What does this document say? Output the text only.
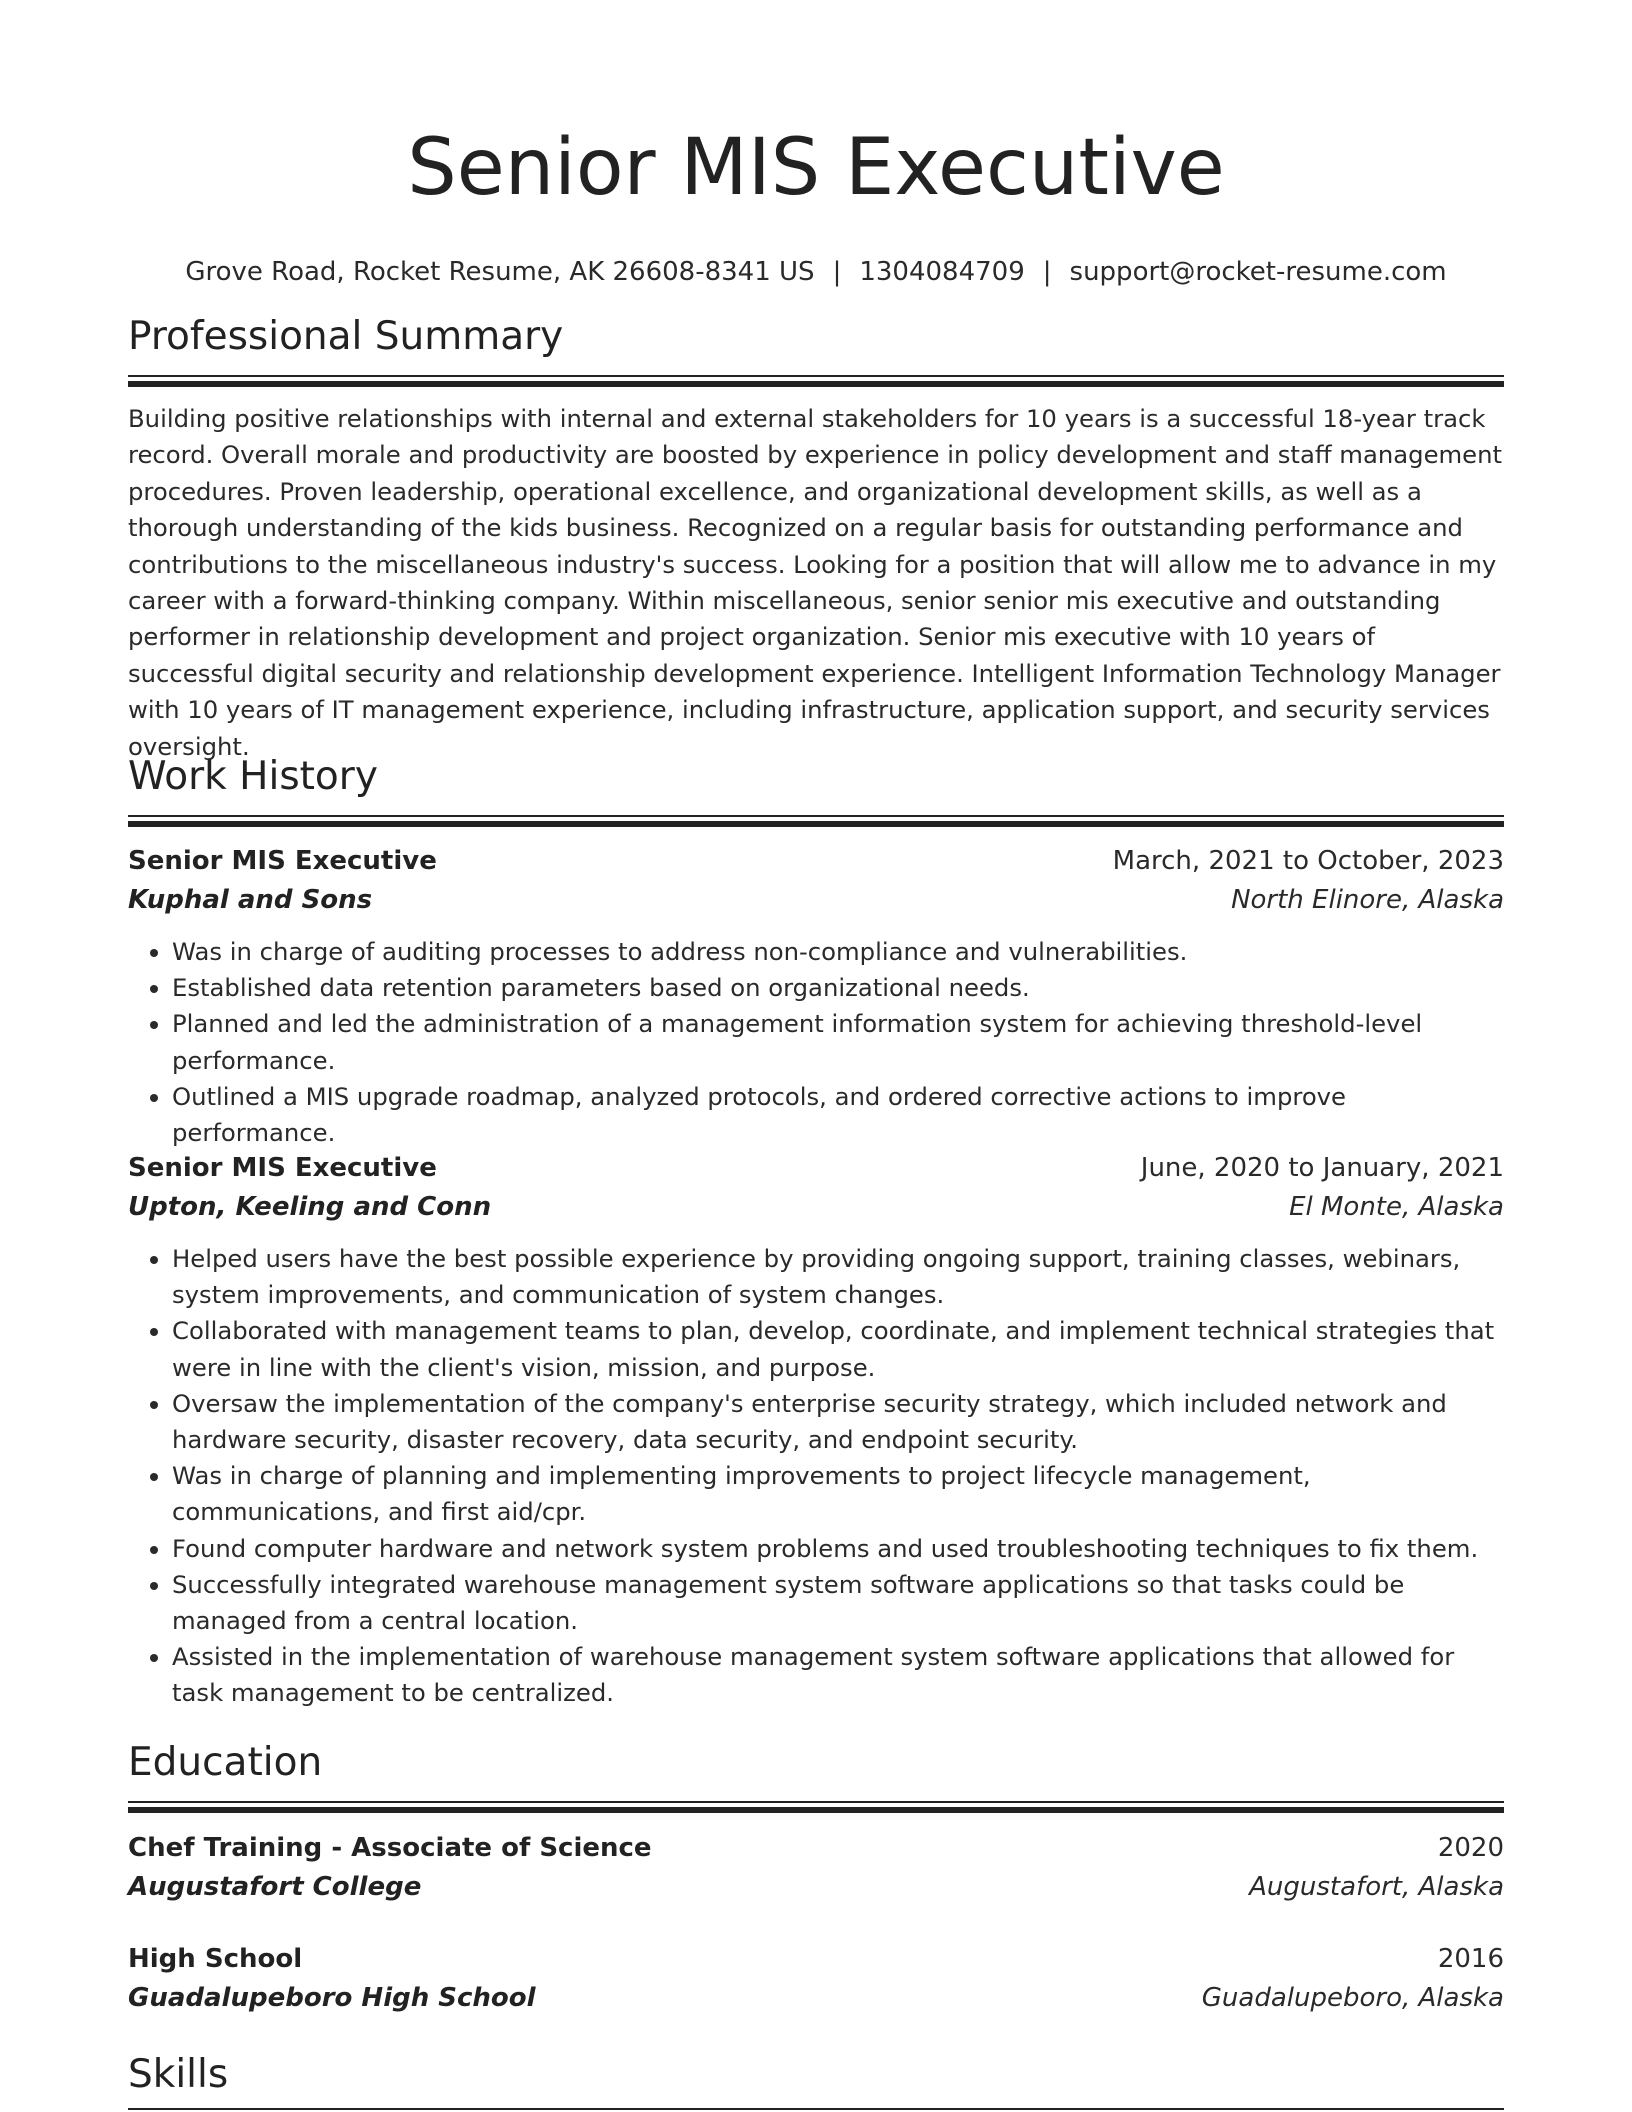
Senior MIS Executive
Grove Road, Rocket Resume, AK 26608-8341 US | 1304084709 | support@rocket-resume.com
Professional Summary
Building positive relationships with internal and external stakeholders for 10 years is a successful 18-year track record. Overall morale and productivity are boosted by experience in policy development and staff management procedures. Proven leadership, operational excellence, and organizational development skills, as well as a thorough understanding of the kids business. Recognized on a regular basis for outstanding performance and contributions to the miscellaneous industry's success. Looking for a position that will allow me to advance in my career with a forward-thinking company. Within miscellaneous, senior senior mis executive and outstanding performer in relationship development and project organization. Senior mis executive with 10 years of successful digital security and relationship development experience. Intelligent Information Technology Manager with 10 years of IT management experience, including infrastructure, application support, and security services oversight.
Work History
Senior MIS Executive	March, 2021 to October, 2023
Kuphal and Sons	North Elinore, Alaska
• Was in charge of auditing processes to address non-compliance and vulnerabilities.
• Established data retention parameters based on organizational needs.
• Planned and led the administration of a management information system for achieving threshold-level performance.
• Outlined a MIS upgrade roadmap, analyzed protocols, and ordered corrective actions to improve performance.
Senior MIS Executive	June, 2020 to January, 2021
Upton, Keeling and Conn	El Monte, Alaska
• Helped users have the best possible experience by providing ongoing support, training classes, webinars, system improvements, and communication of system changes.
• Collaborated with management teams to plan, develop, coordinate, and implement technical strategies that were in line with the client's vision, mission, and purpose.
• Oversaw the implementation of the company's enterprise security strategy, which included network and hardware security, disaster recovery, data security, and endpoint security.
• Was in charge of planning and implementing improvements to project lifecycle management, communications, and first aid/cpr.
• Found computer hardware and network system problems and used troubleshooting techniques to fix them.
• Successfully integrated warehouse management system software applications so that tasks could be managed from a central location.
• Assisted in the implementation of warehouse management system software applications that allowed for task management to be centralized.
Education
Chef Training - Associate of Science	2020
Augustafort College	Augustafort, Alaska
High School	2016
Guadalupeboro High School	Guadalupeboro, Alaska
Skills
